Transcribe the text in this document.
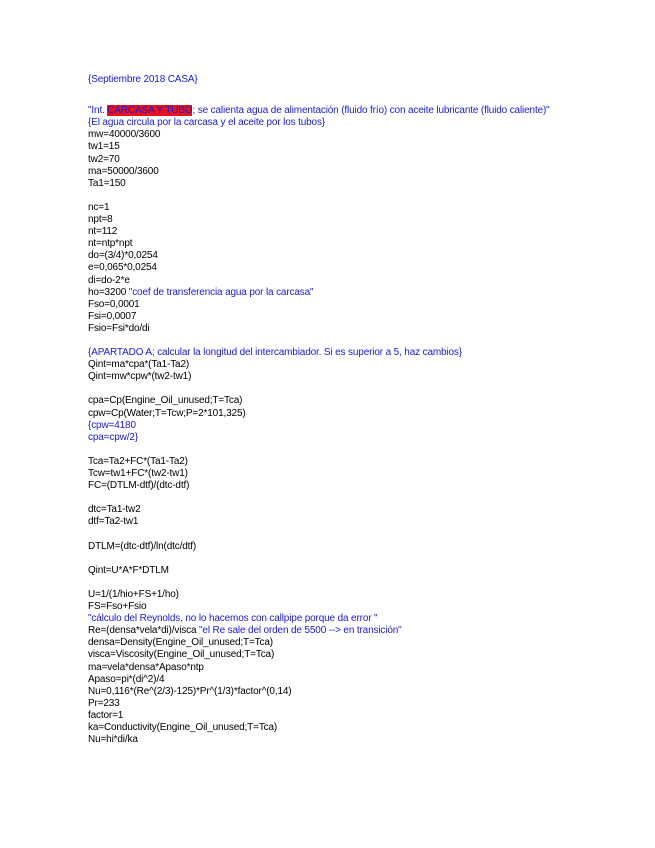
{Septiembre 2018 CASA}
"Int. CARCASA Y TUBO; se calienta agua de alimentación (fluido frío) con aceite lubricante (fluido caliente)"
{El agua circula por la carcasa y el aceite por los tubos}
mw=40000/3600
tw1=15
tw2=70
ma=50000/3600
Ta1=150
nc=1
npt=8
nt=112
nt=ntp*npt
do=(3/4)*0,0254
e=0,065*0,0254
di=do-2*e
ho=3200 "coef de transferencia agua por la carcasa"
Fso=0,0001
Fsi=0,0007
Fsio=Fsi*do/di
{APARTADO A; calcular la longitud del intercambiador. Si es superior a 5, haz cambios}
Qint=ma*cpa*(Ta1-Ta2)
Qint=mw*cpw*(tw2-tw1)
cpa=Cp(Engine_Oil_unused;T=Tca)
cpw=Cp(Water;T=Tcw;P=2*101,325)
{cpw=4180
cpa=cpw/2}
Tca=Ta2+FC*(Ta1-Ta2)
Tcw=tw1+FC*(tw2-tw1)
FC=(DTLM-dtf)/(dtc-dtf)
dtc=Ta1-tw2
dtf=Ta2-tw1
DTLM=(dtc-dtf)/ln(dtc/dtf)
Qint=U*A*F*DTLM
U=1/(1/hio+FS+1/ho)
FS=Fso+Fsio
"cálculo del Reynolds, no lo hacemos con callpipe porque da error "
Re=(densa*vela*di)/visca "el Re sale del orden de 5500 --> en transición"
densa=Density(Engine_Oil_unused;T=Tca)
visca=Viscosity(Engine_Oil_unused;T=Tca)
ma=vela*densa*Apaso*ntp
Apaso=pi*(di^2)/4
Nu=0,116*(Re^(2/3)-125)*Pr^(1/3)*factor^(0,14)
Pr=233
factor=1
ka=Conductivity(Engine_Oil_unused;T=Tca)
Nu=hi*di/ka
